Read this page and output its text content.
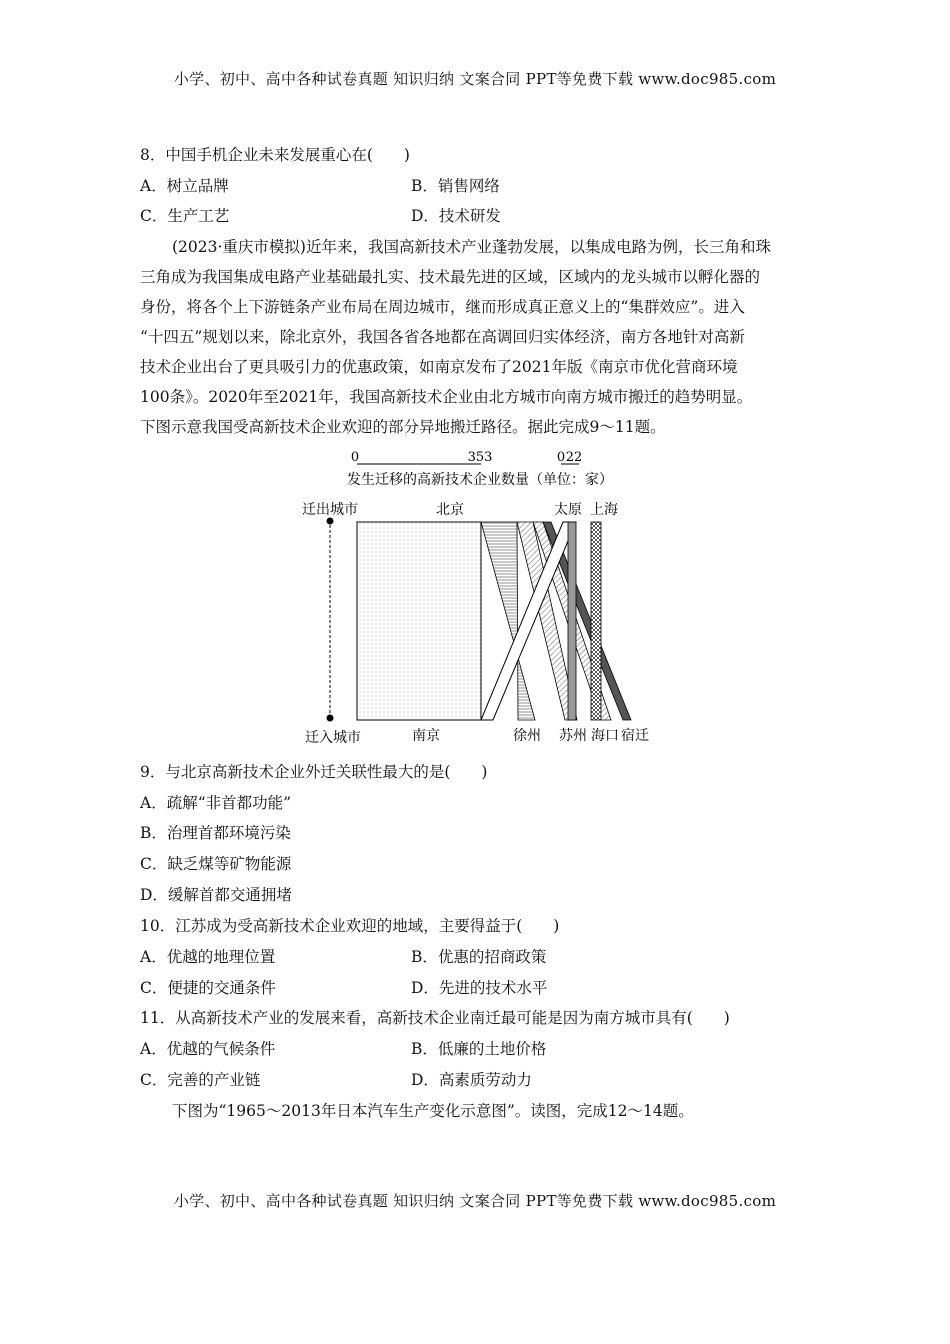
小学、初中、高中各种试卷真题 知识归纳 文案合同 PPT等免费下载 www.doc985.com
8．中国手机企业未来发展重心在(　　)
A．树立品牌	B．销售网络
C．生产工艺	D．技术研发
(2023·重庆市模拟)近年来，我国高新技术产业蓬勃发展，以集成电路为例，长三角和珠
三角成为我国集成电路产业基础最扎实、技术最先进的区域，区域内的龙头城市以孵化器的
身份，将各个上下游链条产业布局在周边城市，继而形成真正意义上的“集群效应”。进入
“十四五”规划以来，除北京外，我国各省各地都在高调回归实体经济，南方各地针对高新
技术企业出台了更具吸引力的优惠政策，如南京发布了2021年版《南京市优化营商环境
100条》。2020年至2021年，我国高新技术企业由北方城市向南方城市搬迁的趋势明显。
下图示意我国受高新技术企业欢迎的部分异地搬迁路径。据此完成9～11题。
0	353	0 22
发生迁移的高新技术企业数量（单位：家）
迁出城市
迁入城市
北京	太原 上海
南京	徐州 苏州 海口 宿迁
9．与北京高新技术企业外迁关联性最大的是(　　)
A．疏解“非首都功能”
B．治理首都环境污染
C．缺乏煤等矿物能源
D．缓解首都交通拥堵
10．江苏成为受高新技术企业欢迎的地域，主要得益于(　　)
A．优越的地理位置	B．优惠的招商政策
C．便捷的交通条件	D．先进的技术水平
11．从高新技术产业的发展来看，高新技术企业南迁最可能是因为南方城市具有(　　)
A．优越的气候条件	B．低廉的土地价格
C．完善的产业链	D．高素质劳动力
下图为“1965～2013年日本汽车生产变化示意图”。读图，完成12～14题。
小学、初中、高中各种试卷真题 知识归纳 文案合同 PPT等免费下载 www.doc985.com
